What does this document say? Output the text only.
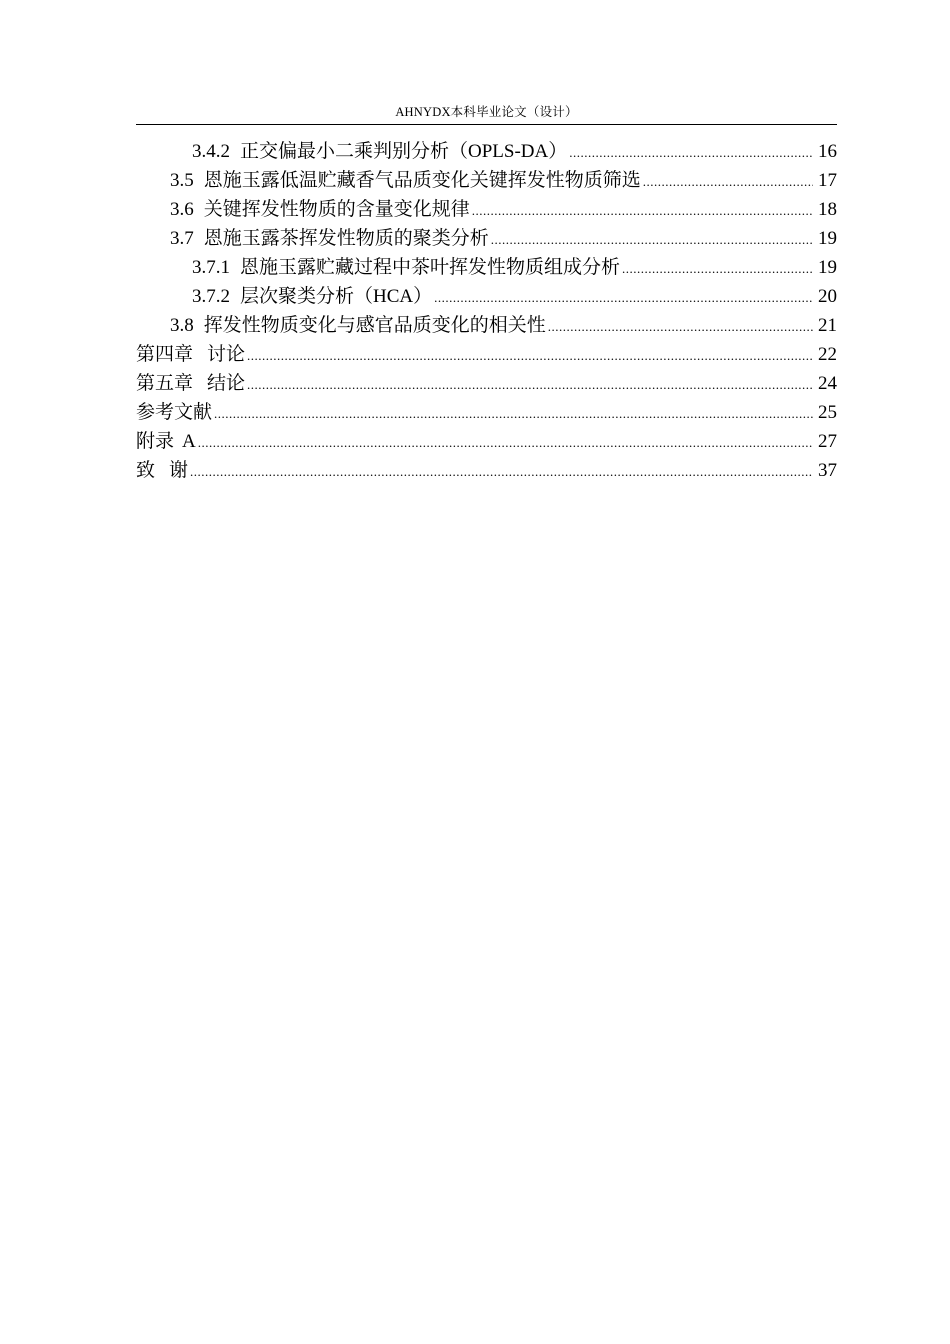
AHNYDX本科毕业论文（设计）
3.4.2 正交偏最小二乘判别分析（OPLS-DA） .....	16
3.5 恩施玉露低温贮藏香气品质变化关键挥发性物质筛选 .....	17
3.6 关键挥发性物质的含量变化规律 .....	18
3.7 恩施玉露茶挥发性物质的聚类分析 .....	19
3.7.1 恩施玉露贮藏过程中茶叶挥发性物质组成分析 .....	19
3.7.2 层次聚类分析（HCA） .....	20
3.8 挥发性物质变化与感官品质变化的相关性 .....	21
第四章 讨论 .....	22
第五章 结论 .....	24
参考文献 .....	25
附录 A .....	27
致 谢 .....	37
